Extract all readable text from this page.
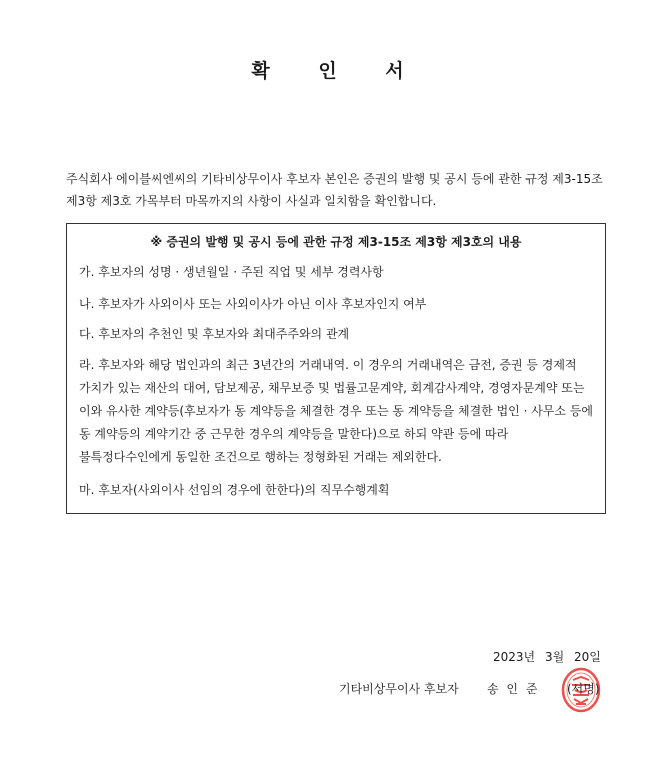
확 인 서
주식회사 에이블씨엔씨의 기타비상무이사 후보자 본인은 증권의 발행 및 공시 등에 관한 규정 제3-15조 제3항 제3호 가목부터 마목까지의 사항이 사실과 일치함을 확인합니다.
※ 증권의 발행 및 공시 등에 관한 규정 제3-15조 제3항 제3호의 내용
가. 후보자의 성명 · 생년월일 · 주된 직업 및 세부 경력사항
나. 후보자가 사외이사 또는 사외이사가 아닌 이사 후보자인지 여부
다. 후보자의 추천인 및 후보자와 최대주주와의 관계
라. 후보자와 해당 법인과의 최근 3년간의 거래내역. 이 경우의 거래내역은 금전, 증권 등 경제적 가치가 있는 재산의 대여, 담보제공, 채무보증 및 법률고문계약, 회계감사계약, 경영자문계약 또는 이와 유사한 계약등(후보자가 동 계약등을 체결한 경우 또는 동 계약등을 체결한 법인 · 사무소 등에 동 계약등의 계약기간 중 근무한 경우의 계약등을 말한다)으로 하되 약관 등에 따라 불특정다수인에게 동일한 조건으로 행하는 정형화된 거래는 제외한다.
마. 후보자(사외이사 선임의 경우에 한한다)의 직무수행계획
2023년 3월 20일
기타비상무이사 후보자 송 인 준 (서명)
